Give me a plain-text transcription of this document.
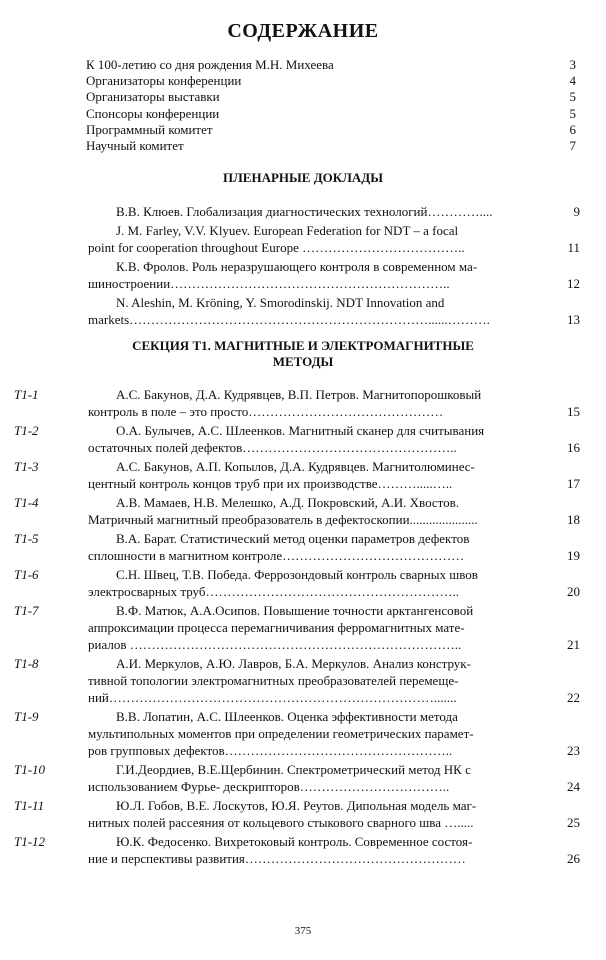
СОДЕРЖАНИЕ
К 100-летию со дня рождения М.Н. Михеева	3
Организаторы конференции	4
Организаторы выставки	5
Спонсоры конференции	5
Программный комитет	6
Научный комитет	7
ПЛЕНАРНЫЕ ДОКЛАДЫ
В.В. Клюев. Глобализация диагностических технологий…………....	9
J. M. Farley, V.V. Klyuev. European Federation for NDT – a focal
point for cooperation throughout Europe ………………………………..	11
К.В. Фролов. Роль неразрушающего контроля в современном ма-
шиностроении………………………………………………………..	12
N. Aleshin, M. Kröning, Y. Smorodinskij. NDT Innovation and
markets……………………………………………………………......……….	13
СЕКЦИЯ Т1. МАГНИТНЫЕ И ЭЛЕКТРОМАГНИТНЫЕ
МЕТОДЫ
Т1-1	А.С. Бакунов, Д.А. Кудрявцев, В.П. Петров. Магнитопорошковый
контроль в поле – это просто………………………………………	15
Т1-2	О.А. Булычев, А.С. Шлеенков. Магнитный сканер для считывания
остаточных полей дефектов…………………………………………..	16
Т1-3	А.С. Бакунов, А.П. Копылов, Д.А. Кудрявцев. Магнитолюминес-
центный контроль концов труб при их производстве……….....…..	17
Т1-4	А.В. Мамаев, Н.В. Мелешко, А.Д. Покровский, А.И. Хвостов.
Матричный магнитный преобразователь в дефектоскопии.....................	18
Т1-5	В.А. Барат. Статистический метод оценки параметров дефектов
сплошности в магнитном контроле……………………………………	19
Т1-6	С.Н. Швец, Т.В. Победа. Феррозондовый контроль сварных швов
электросварных труб…………………………………………………..	20
Т1-7	В.Ф. Матюк, А.А.Осипов. Повышение точности арктангенсовой
аппроксимации процесса перемагничивания ферромагнитных мате-
риалов …………………………………………………………………..	21
Т1-8	А.И. Меркулов, А.Ю. Лавров, Б.А. Меркулов. Анализ конструк-
тивной топологии электромагнитных преобразователей перемеще-
ний………………………………………………………………….......	22
Т1-9	В.В. Лопатин, А.С. Шлеенков. Оценка эффективности метода
мультипольных моментов при определении геометрических парамет-
ров групповых дефектов……………………………………………..	23
Т1-10	Г.И.Деордиев, В.Е.Щербинин. Спектрометрический метод НК с
использованием Фурье- дескрипторов……………………………..	24
Т1-11	Ю.Л. Гобов, В.Е. Лоскутов, Ю.Я. Реутов. Дипольная модель маг-
нитных полей рассеяния от кольцевого стыкового сварного шва ….....	25
Т1-12	Ю.К. Федосенко. Вихретоковый контроль. Современное состоя-
ние и перспективы развития……………………………………………	26
375
